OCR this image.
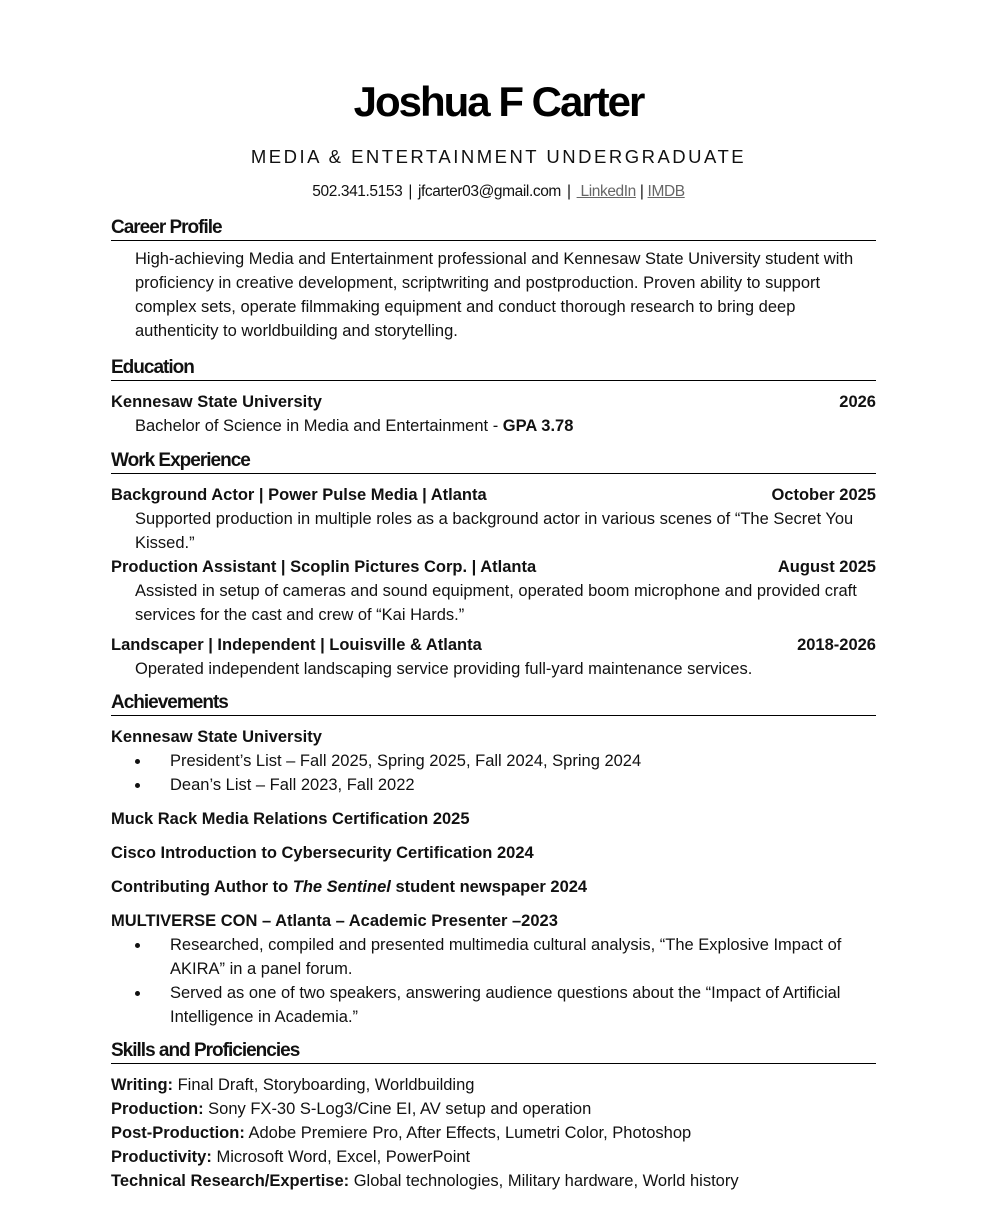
Joshua F Carter
MEDIA & ENTERTAINMENT UNDERGRADUATE
502.341.5153 | jfcarter03@gmail.com | LinkedIn | IMDB
Career Profile
High-achieving Media and Entertainment professional and Kennesaw State University student with proficiency in creative development, scriptwriting and postproduction. Proven ability to support complex sets, operate filmmaking equipment and conduct thorough research to bring deep authenticity to worldbuilding and storytelling.
Education
Kennesaw State University	2026
Bachelor of Science in Media and Entertainment - GPA 3.78
Work Experience
Background Actor | Power Pulse Media | Atlanta	October 2025
Supported production in multiple roles as a background actor in various scenes of “The Secret You Kissed.”
Production Assistant | Scoplin Pictures Corp. | Atlanta	August 2025
Assisted in setup of cameras and sound equipment, operated boom microphone and provided craft services for the cast and crew of “Kai Hards.”
Landscaper | Independent | Louisville & Atlanta	2018-2026
Operated independent landscaping service providing full-yard maintenance services.
Achievements
Kennesaw State University
President’s List – Fall 2025, Spring 2025, Fall 2024, Spring 2024
Dean’s List – Fall 2023, Fall 2022
Muck Rack Media Relations Certification 2025
Cisco Introduction to Cybersecurity Certification 2024
Contributing Author to The Sentinel student newspaper 2024
MULTIVERSE CON – Atlanta – Academic Presenter –2023
Researched, compiled and presented multimedia cultural analysis, “The Explosive Impact of AKIRA” in a panel forum.
Served as one of two speakers, answering audience questions about the “Impact of Artificial Intelligence in Academia.”
Skills and Proficiencies
Writing: Final Draft, Storyboarding, Worldbuilding
Production: Sony FX-30 S-Log3/Cine EI, AV setup and operation
Post-Production: Adobe Premiere Pro, After Effects, Lumetri Color, Photoshop
Productivity: Microsoft Word, Excel, PowerPoint
Technical Research/Expertise: Global technologies, Military hardware, World history
